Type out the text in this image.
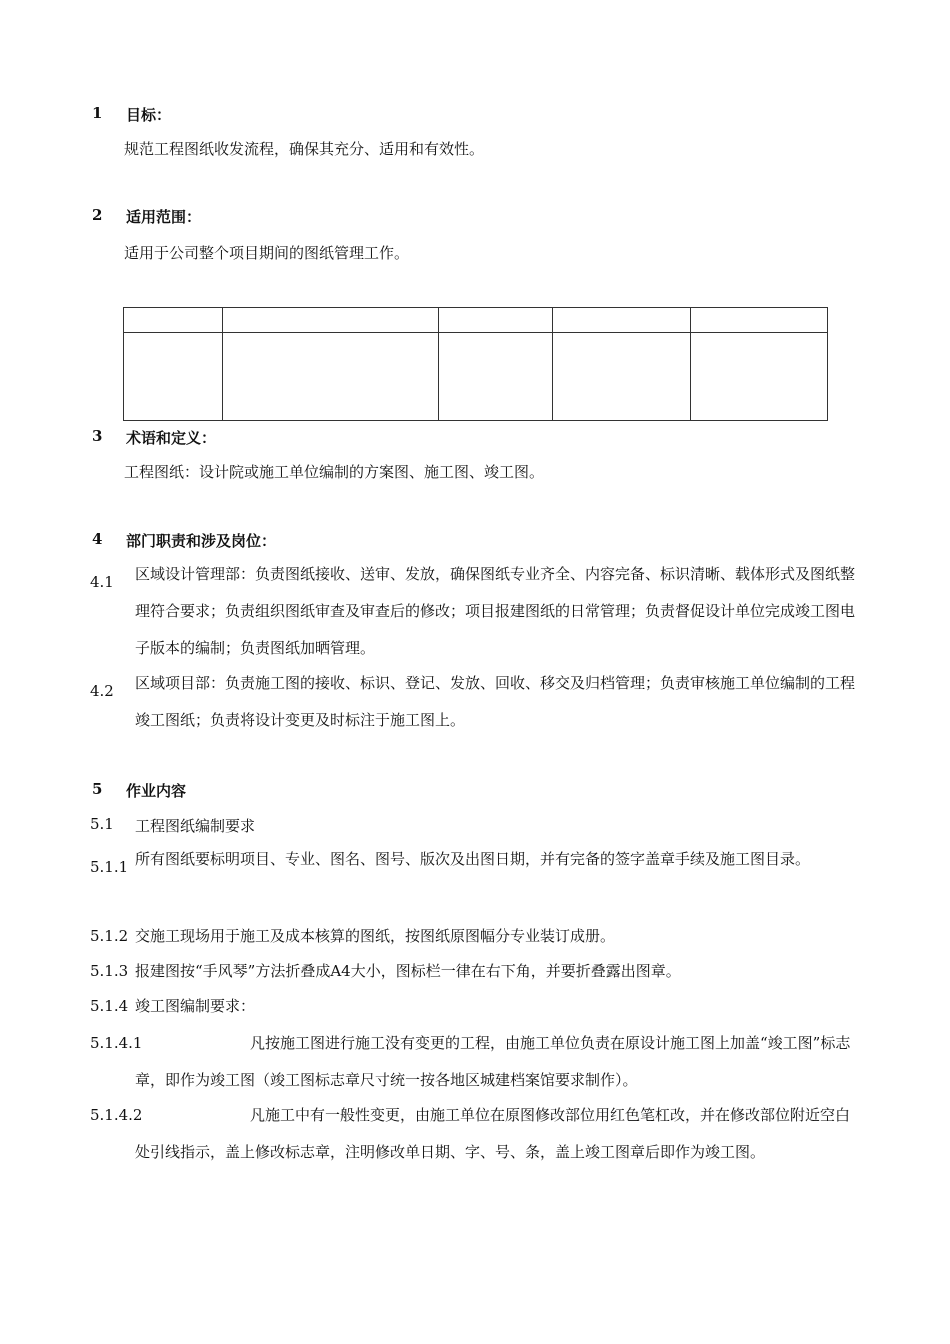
1 目标：
规范工程图纸收发流程，确保其充分、适用和有效性。
2 适用范围：
适用于公司整个项目期间的图纸管理工作。

3 术语和定义：
工程图纸：设计院或施工单位编制的方案图、施工图、竣工图。
4 部门职责和涉及岗位：
4.1 区域设计管理部：负责图纸接收、送审、发放，确保图纸专业齐全、内容完备、标识清晰、载体形式及图纸整理符合要求；负责组织图纸审查及审查后的修改；项目报建图纸的日常管理；负责督促设计单位完成竣工图电子版本的编制；负责图纸加晒管理。
4.2 区域项目部：负责施工图的接收、标识、登记、发放、回收、移交及归档管理；负责审核施工单位编制的工程竣工图纸；负责将设计变更及时标注于施工图上。
5 作业内容
5.1 工程图纸编制要求
5.1.1 所有图纸要标明项目、专业、图名、图号、版次及出图日期，并有完备的签字盖章手续及施工图目录。
5.1.2 交施工现场用于施工及成本核算的图纸，按图纸原图幅分专业装订成册。
5.1.3 报建图按“手风琴”方法折叠成A4大小，图标栏一律在右下角，并要折叠露出图章。
5.1.4 竣工图编制要求：
5.1.4.1	凡按施工图进行施工没有变更的工程，由施工单位负责在原设计施工图上加盖“竣工图”标志章，即作为竣工图（竣工图标志章尺寸统一按各地区城建档案馆要求制作）。
5.1.4.2	凡施工中有一般性变更，由施工单位在原图修改部位用红色笔杠改，并在修改部位附近空白处引线指示，盖上修改标志章，注明修改单日期、字、号、条，盖上竣工图章后即作为竣工图。
